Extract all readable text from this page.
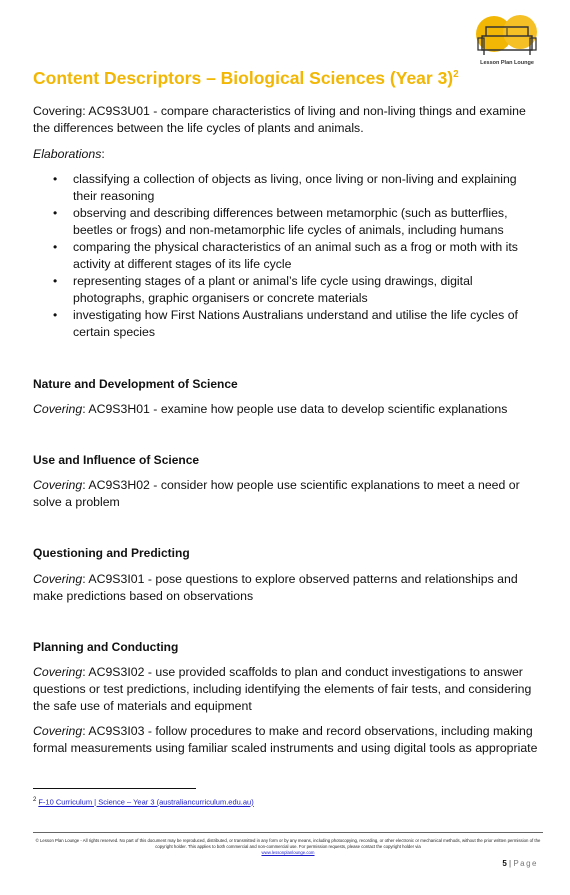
Lesson Plan Lounge
Content Descriptors – Biological Sciences (Year 3)$^2$
Covering: AC9S3U01 - compare characteristics of living and non-living things and examine the differences between the life cycles of plants and animals.
Elaborations:
• classifying a collection of objects as living, once living or non-living and explaining their reasoning
• observing and describing differences between metamorphic (such as butterflies, beetles or frogs) and non-metamorphic life cycles of animals, including humans
• comparing the physical characteristics of an animal such as a frog or moth with its activity at different stages of its life cycle
• representing stages of a plant or animal’s life cycle using drawings, digital photographs, graphic organisers or concrete materials
• investigating how First Nations Australians understand and utilise the life cycles of certain species
Nature and Development of Science
Covering: AC9S3H01 - examine how people use data to develop scientific explanations
Use and Influence of Science
Covering: AC9S3H02 - consider how people use scientific explanations to meet a need or solve a problem
Questioning and Predicting
Covering: AC9S3I01 - pose questions to explore observed patterns and relationships and make predictions based on observations
Planning and Conducting
Covering: AC9S3I02 - use provided scaffolds to plan and conduct investigations to answer questions or test predictions, including identifying the elements of fair tests, and considering the safe use of materials and equipment
Covering: AC9S3I03 - follow procedures to make and record observations, including making formal measurements using familiar scaled instruments and using digital tools as appropriate
$^2$ F-10 Curriculum | Science – Year 3 (australiancurriculum.edu.au)
© Lesson Plan Lounge - All rights reserved. No part of this document may be reproduced, distributed, or transmitted in any form or by any means, including photocopying, recording, or other electronic or mechanical methods, without the prior written permission of the copyright holder. This applies to both commercial and non-commercial use. For permission requests, please contact the copyright holder via
www.lessonplanlounge.com
5 | Page
